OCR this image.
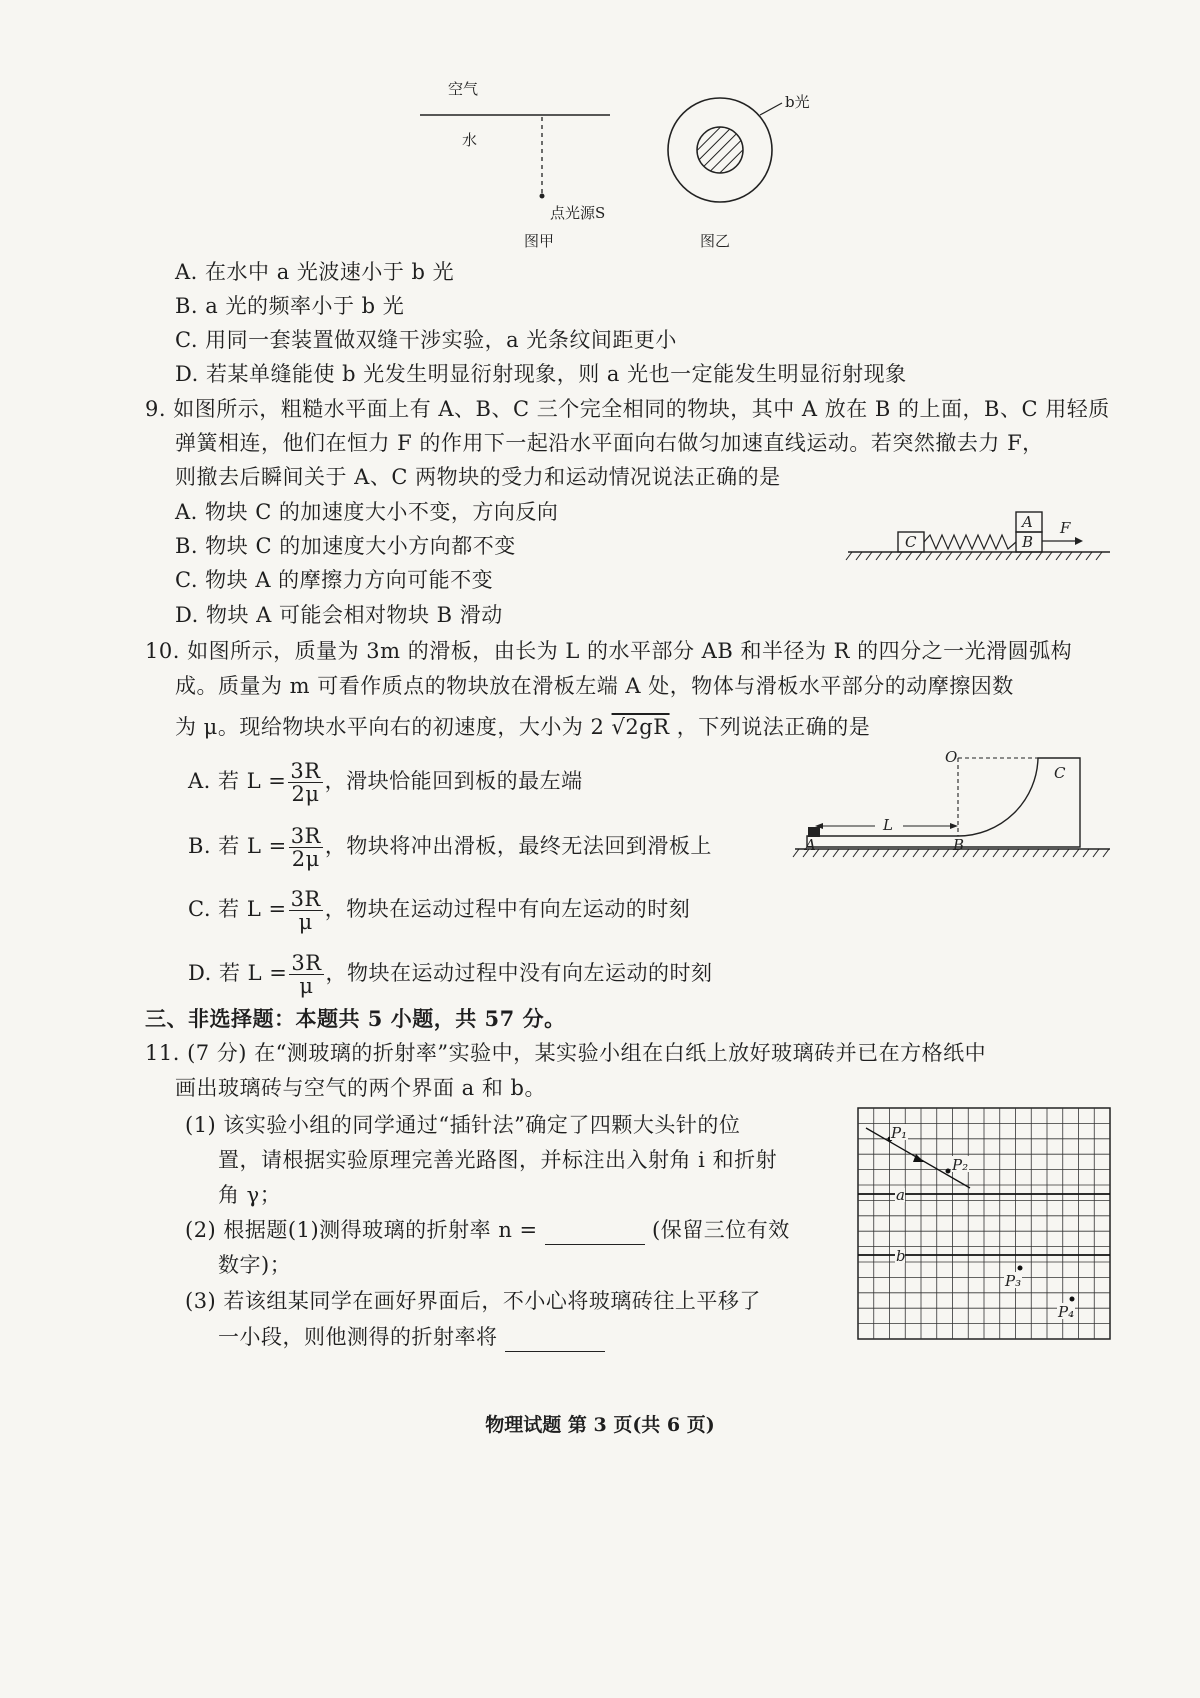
空气
水
点光源S
图甲
b光
图乙
A. 在水中 a 光波速小于 b 光
B. a 光的频率小于 b 光
C. 用同一套装置做双缝干涉实验，a 光条纹间距更小
D. 若某单缝能使 b 光发生明显衍射现象，则 a 光也一定能发生明显衍射现象
9. 如图所示，粗糙水平面上有 A、B、C 三个完全相同的物块，其中 A 放在 B 的上面，B、C 用轻质
弹簧相连，他们在恒力 F 的作用下一起沿水平面向右做匀加速直线运动。若突然撤去力 F，
则撤去后瞬间关于 A、C 两物块的受力和运动情况说法正确的是
A. 物块 C 的加速度大小不变，方向反向
B. 物块 C 的加速度大小方向都不变
C. 物块 A 的摩擦力方向可能不变
D. 物块 A 可能会相对物块 B 滑动
C	B
A F
10. 如图所示，质量为 3m 的滑板，由长为 L 的水平部分 AB 和半径为 R 的四分之一光滑圆弧构
成。质量为 m 可看作质点的物块放在滑板左端 A 处，物体与滑板水平部分的动摩擦因数
为 μ。现给物块水平向右的初速度，大小为 2 √2gR ，下列说法正确的是
A. 若 $L = \frac{3R}{2\mu}$ ，滑块恰能回到板的最左端
B. 若 $L = \frac{3R}{2\mu}$ ，物块将冲出滑板，最终无法回到滑板上
C. 若 $L = \frac{3R}{\mu}$ ，物块在运动过程中有向左运动的时刻
D. 若 $L = \frac{3R}{\mu}$ ，物块在运动过程中没有向左运动的时刻
O
C
A	B
L
三、非选择题：本题共 5 小题，共 57 分。
11. (7 分) 在“测玻璃的折射率”实验中，某实验小组在白纸上放好玻璃砖并已在方格纸中
画出玻璃砖与空气的两个界面 a 和 b。
(1) 该实验小组的同学通过“插针法”确定了四颗大头针的位
置，请根据实验原理完善光路图，并标注出入射角 i 和折射
角 γ；
(2) 根据题(1)测得玻璃的折射率 n =	(保留三位有效
数字)；
(3) 若该组某同学在画好界面后，不小心将玻璃砖往上平移了
一小段，则他测得的折射率将
P₁
P₂
P₃
P₄
a
b
物理试题 第 3 页(共 6 页)
